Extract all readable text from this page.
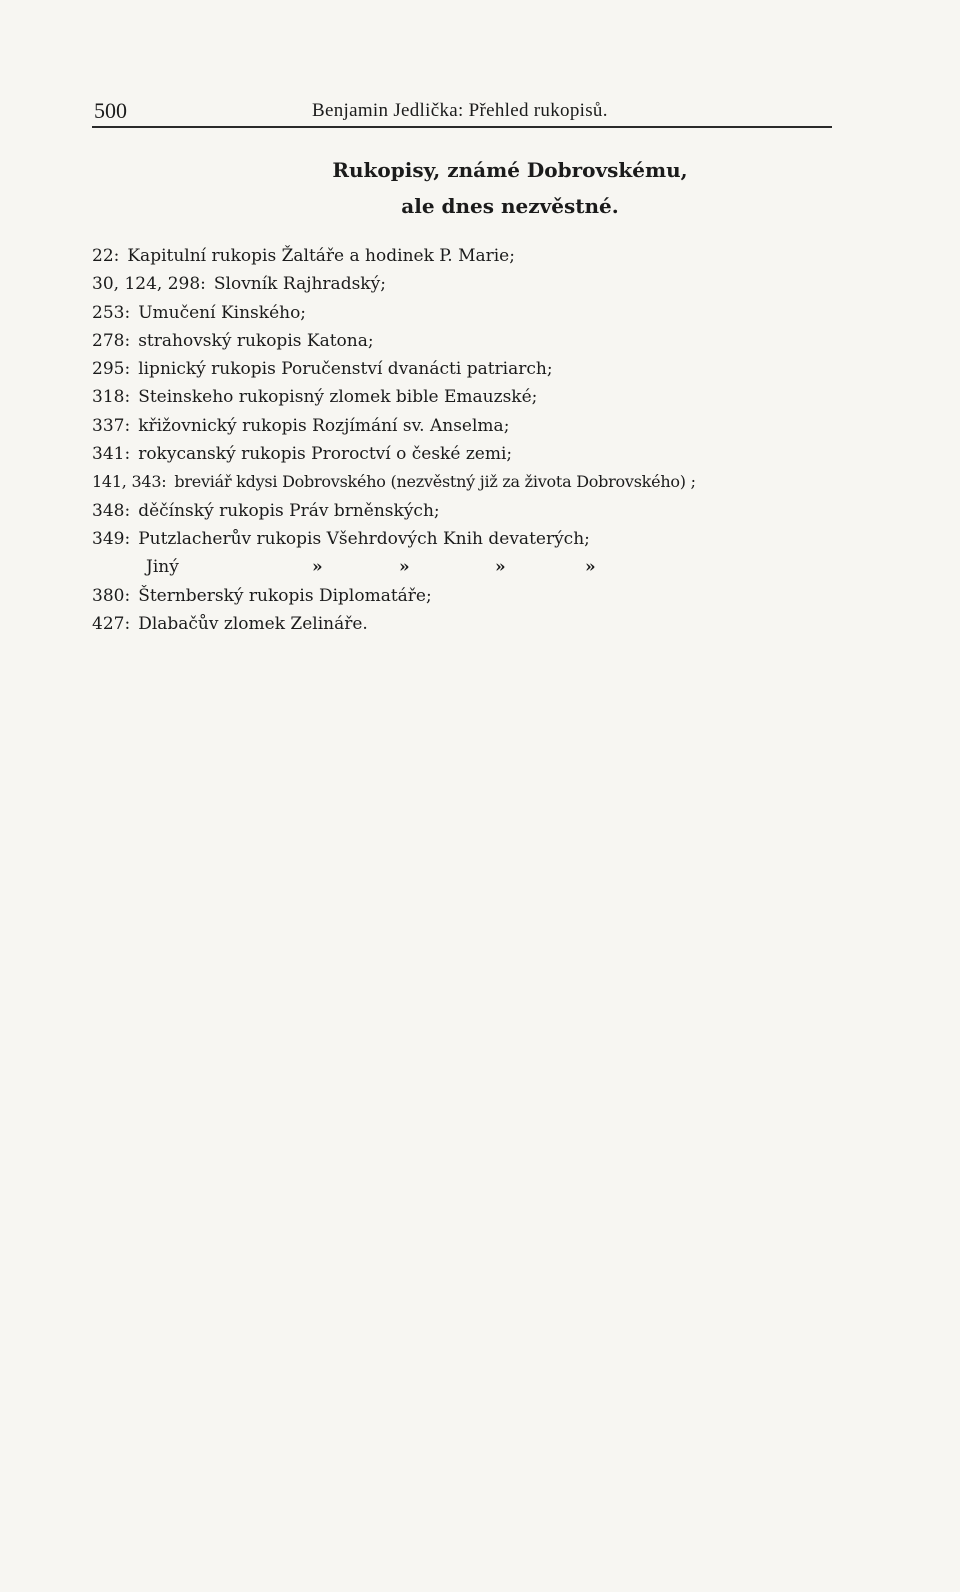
500	Benjamin Jedlička: Přehled rukopisů.
Rukopisy, známé Dobrovskému,
ale dnes nezvěstné.
22: Kapitulní rukopis Žaltáře a hodinek P. Marie;
30, 124, 298: Slovník Rajhradský;
253: Umučení Kinského;
278: strahovský rukopis Katona;
295: lipnický rukopis Poručenství dvanácti patriarch;
318: Steinskeho rukopisný zlomek bible Emauzské;
337: křižovnický rukopis Rozjímání sv. Anselma;
341: rokycanský rukopis Proroctví o české zemi;
141, 343: breviář kdysi Dobrovského (nezvěstný již za života Dobrovského) ;
348: děčínský rukopis Práv brněnských;
349: Putzlacherův rukopis Všehrdových Knih devaterých;
Jiný	»	»	»	»
380: Šternberský rukopis Diplomatáře;
427: Dlabačův zlomek Zelináře.
